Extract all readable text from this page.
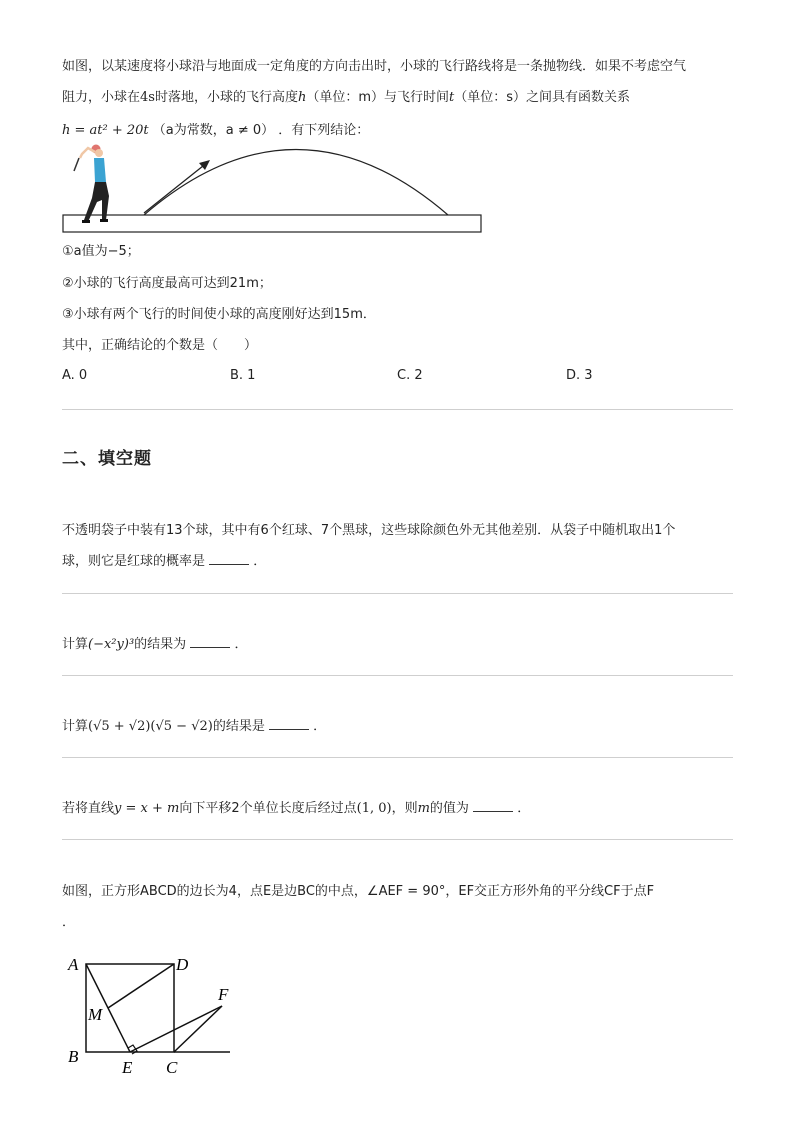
如图，以某速度将小球沿与地面成一定角度的方向击出时，小球的飞行路线将是一条抛物线．如果不考虑空气
阻力，小球在4s时落地，小球的飞行高度h（单位：m）与飞行时间t（单位：s）之间具有函数关系
h = at² + 20t （a为常数，a ≠ 0） ．有下列结论：
①a值为−5；
②小球的飞行高度最高可达到21m；
③小球有两个飞行的时间使小球的高度刚好达到15m．
其中，正确结论的个数是（　　）
A. 0	B. 1	C. 2	D. 3
二、填空题
不透明袋子中装有13个球，其中有6个红球、7个黑球，这些球除颜色外无其他差别．从袋子中随机取出1个
球，则它是红球的概率是	．
计算(−x²y)³的结果为	．
计算(√5 + √2)(√5 − √2)的结果是	．
若将直线y = x + m向下平移2个单位长度后经过点(1, 0)，则m的值为	．
如图，正方形ABCD的边长为4，点E是边BC的中点，∠AEF = 90°，EF交正方形外角的平分线CF于点F
．
A	D
M
F
B
E C
